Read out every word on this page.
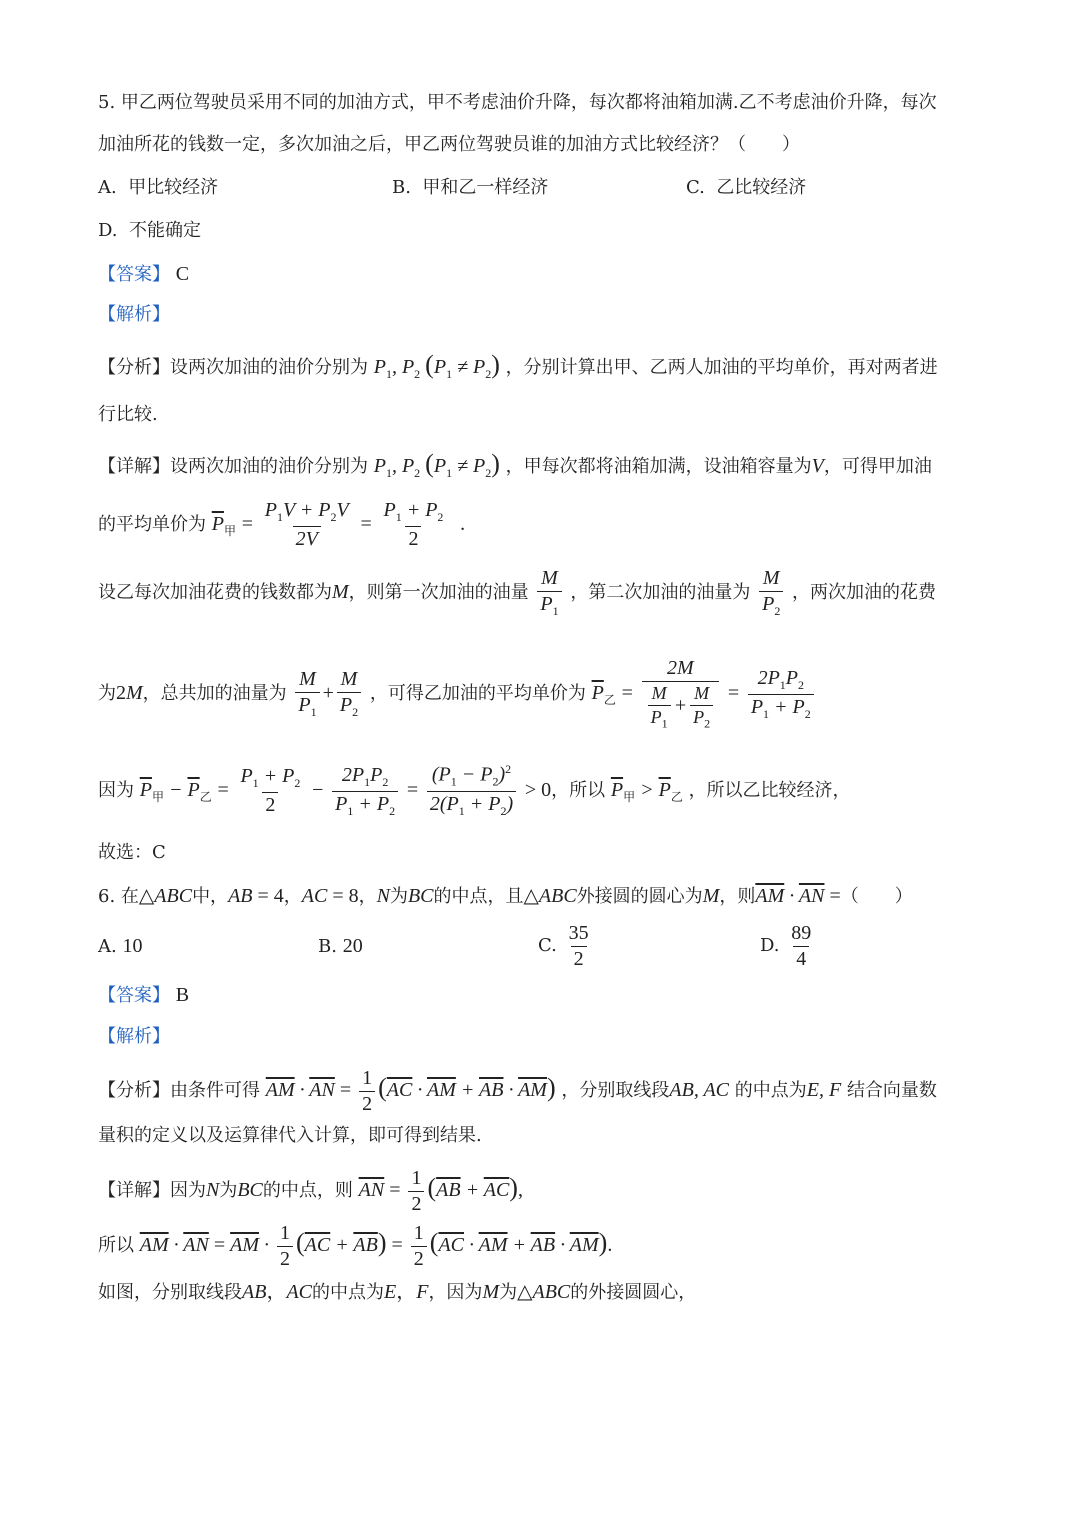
5. 甲乙两位驾驶员采用不同的加油方式，甲不考虑油价升降，每次都将油箱加满.乙不考虑油价升降，每次
加油所花的钱数一定，多次加油之后，甲乙两位驾驶员谁的加油方式比较经济？（　　）
A. 甲比较经济	B. 甲和乙一样经济	C. 乙比较经济
D. 不能确定
【答案】 C
【解析】
【分析】设两次加油的油价分别为 $P_1$, $P_2$ $(P_1 \ne P_2)$ ，分别计算出甲、乙两人加油的平均单价，再对两者进
行比较.
【详解】设两次加油的油价分别为 $P_1$, $P_2$ $(P_1 \ne P_2)$ ，甲每次都将油箱加满，设油箱容量为V，可得甲加油
的平均单价为 $\overline{P}_甲 = \frac{P_1V + P_2V}{2V} = \frac{P_1 + P_2}{2}$ .
设乙每次加油花费的钱数都为M，则第一次加油的油量 $\frac{M}{P_1}$ ，第二次加油的油量为 $\frac{M}{P_2}$ ，两次加油的花费
为2M，总共加的油量为 $\frac{M}{P_1} + \frac{M}{P_2}$ ，可得乙加油的平均单价为 $\overline{P}_乙 = \frac{2M}{\frac{M}{P_1} + \frac{M}{P_2}} = \frac{2P_1P_2}{P_1 + P_2}$
因为 $\overline{P}_甲 - \overline{P}_乙 = \frac{P_1 + P_2}{2} - \frac{2P_1P_2}{P_1 + P_2} = \frac{(P_1 - P_2)^2}{2(P_1 + P_2)} > 0$，所以 $\overline{P}_甲 > \overline{P}_乙$ ，所以乙比较经济，
故选：C
6. 在△ABC中，AB = 4，AC = 8，N为BC的中点，且△ABC外接圆的圆心为M，则$\overline{AM} \cdot \overline{AN}$ =（　　）
A. 10	B. 20	C. $\frac{35}{2}$	D. $\frac{89}{4}$
【答案】 B
【解析】
【分析】由条件可得 $\overline{AM} \cdot \overline{AN} = \frac{1}{2} (\overline{AC} \cdot \overline{AM} + \overline{AB} \cdot \overline{AM})$ ，分别取线段AB, AC 的中点为E, F 结合向量数
量积的定义以及运算律代入计算，即可得到结果.
【详解】因为N为BC的中点，则 $\overline{AN} = \frac{1}{2} (\overline{AB} + \overline{AC})$,
所以 $\overline{AM} \cdot \overline{AN} = \overline{AM} \cdot \frac{1}{2} (\overline{AC} + \overline{AB}) = \frac{1}{2} (\overline{AC} \cdot \overline{AM} + \overline{AB} \cdot \overline{AM})$.
如图，分别取线段AB，AC的中点为E，F，因为M为△ABC的外接圆圆心，
